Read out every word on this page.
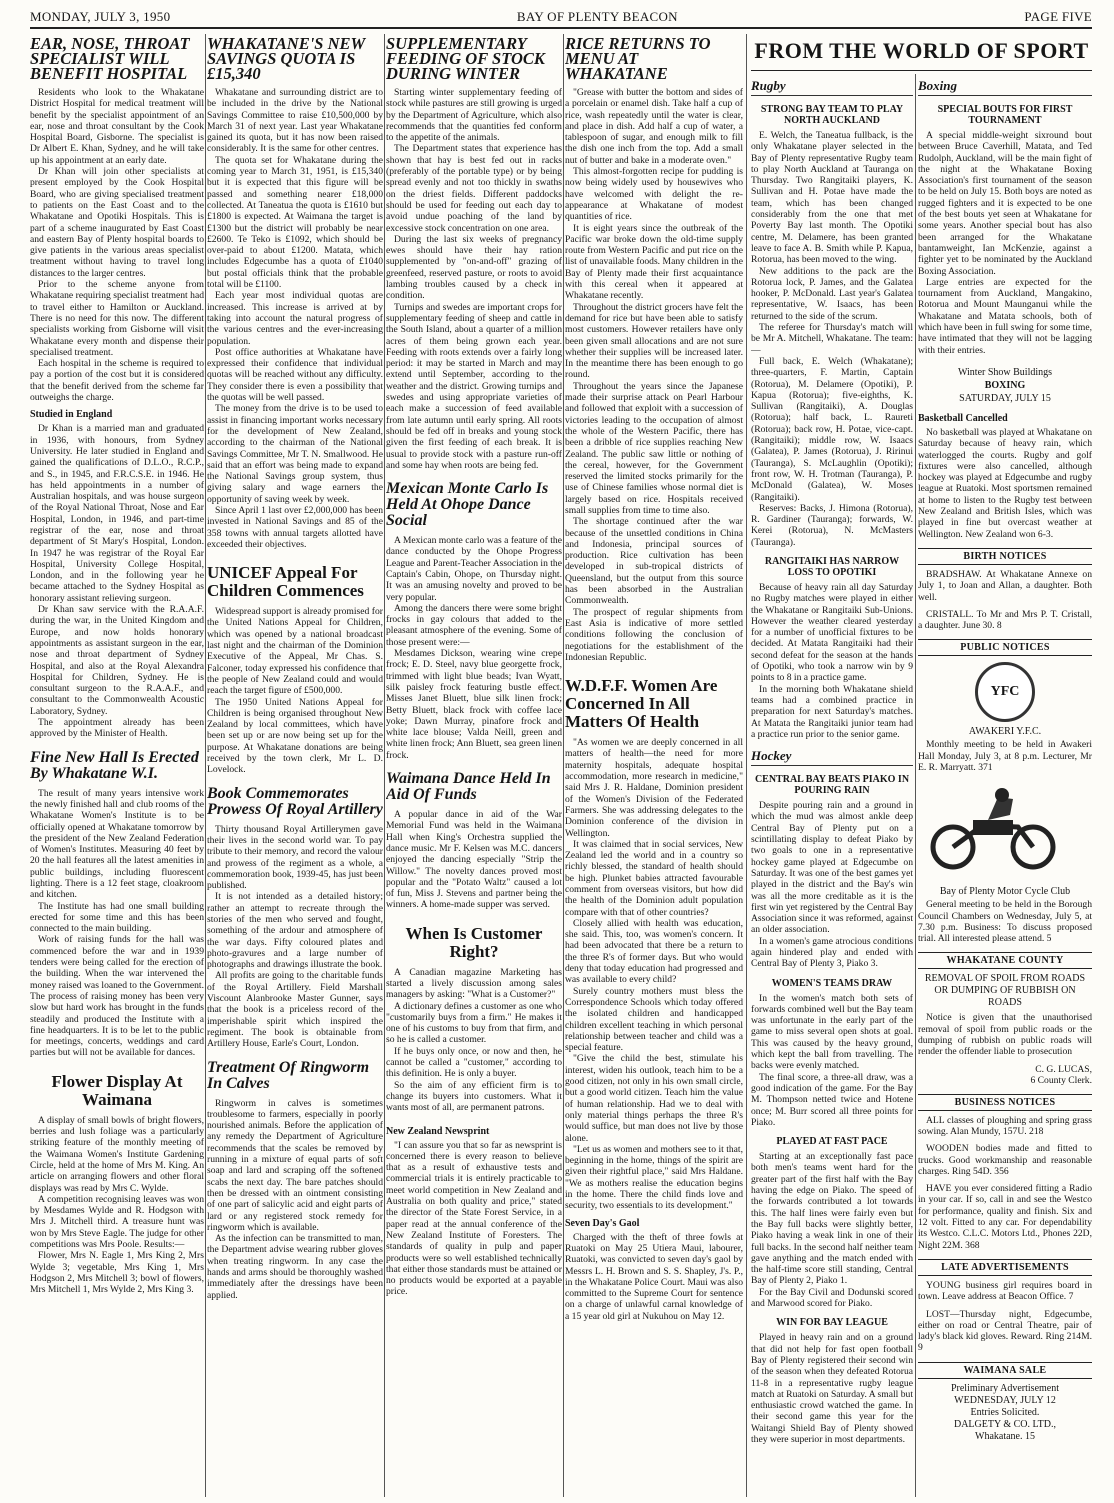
MONDAY, JULY 3, 1950	BAY OF PLENTY BEACON	PAGE FIVE
EAR, NOSE, THROAT SPECIALIST WILL BENEFIT HOSPITAL

Residents who look to the Whakatane District Hospital for medical treatment will benefit by the specialist appointment of an ear, nose and throat consultant by the Cook Hospital Board, Gisborne. The specialist is Dr Albert E. Khan, Sydney, and he will take up his appointment at an early date.

Dr Khan will join other specialists at present employed by the Cook Hospital Board, who are giving specialised treatment to patients on the East Coast and to the Whakatane and Opotiki Hospitals. This is part of a scheme inaugurated by East Coast and eastern Bay of Plenty hospital boards to give patients in the various areas specialist treatment without having to travel long distances to the larger centres.

Prior to the scheme anyone from Whakatane requiring specialist treatment had to travel either to Hamilton or Auckland. There is no need for this now. The different specialists working from Gisborne will visit Whakatane every month and dispense their specialised treatment.

Each hospital in the scheme is required to pay a portion of the cost but it is considered that the benefit derived from the scheme far outweighs the charge.

Studied in England

Dr Khan is a married man and graduated in 1936, with honours, from Sydney University. He later studied in England and gained the qualifications of D.L.O., R.C.P., and S., in 1945, and F.R.C.S.E. in 1946. He has held appointments in a number of Australian hospitals, and was house surgeon of the Royal National Throat, Nose and Ear Hospital, London, in 1946, and part-time registrar of the ear, nose and throat department of St Mary's Hospital, London. In 1947 he was registrar of the Royal Ear Hospital, University College Hospital, London, and in the following year he became attached to the Sydney Hospital as honorary assistant relieving surgeon.

Dr Khan saw service with the R.A.A.F. during the war, in the United Kingdom and Europe, and now holds honorary appointments as assistant surgeon in the ear, nose and throat department of Sydney Hospital, and also at the Royal Alexandra Hospital for Children, Sydney. He is consultant surgeon to the R.A.A.F., and consultant to the Commonwealth Acoustic Laboratory, Sydney.

The appointment already has been approved by the Minister of Health.

Fine New Hall Is Erected By Whakatane W.I.

The result of many years intensive work the newly finished hall and club rooms of the Whakatane Women's Institute is to be officially opened at Whakatane tomorrow by the president of the New Zealand Federation of Women's Institutes. Measuring 40 feet by 20 the hall features all the latest amenities in public buildings, including fluorescent lighting. There is a 12 feet stage, cloakroom and kitchen.

The Institute has had one small building erected for some time and this has been connected to the main building.

Work of raising funds for the hall was commenced before the war and in 1939 tenders were being called for the erection of the building. When the war intervened the money raised was loaned to the Government. The process of raising money has been very slow but hard work has brought in the funds steadily and produced the Institute with a fine headquarters. It is to be let to the public for meetings, concerts, weddings and card parties but will not be available for dances.

Flower Display At Waimana

A display of small bowls of bright flowers, berries and lush foliage was a particularly striking feature of the monthly meeting of the Waimana Women's Institute Gardening Circle, held at the home of Mrs M. King. An article on arranging flowers and other floral displays was read by Mrs C. Wylde.

A competition recognising leaves was won by Mesdames Wylde and R. Hodgson with Mrs J. Mitchell third. A treasure hunt was won by Mrs Steve Eagle. The judge for other competitions was Mrs Poole. Results:—

Flower, Mrs N. Eagle 1, Mrs King 2, Mrs Wylde 3; vegetable, Mrs King 1, Mrs Hodgson 2, Mrs Mitchell 3; bowl of flowers, Mrs Mitchell 1, Mrs Wylde 2, Mrs King 3.

WHAKATANE'S NEW SAVINGS QUOTA IS £15,340

Whakatane and surrounding district are to be included in the drive by the National Savings Committee to raise £10,500,000 by March 31 of next year. Last year Whakatane gained its quota, but it has now been raised considerably. It is the same for other centres.

The quota set for Whakatane during the coming year to March 31, 1951, is £15,340 but it is expected that this figure will be passed and something nearer £18,000 collected. At Taneatua the quota is £1610 but £1800 is expected. At Waimana the target is £1300 but the district will probably be near £2600. Te Teko is £1092, which should be over-paid to about £1200. Matata, which includes Edgecumbe has a quota of £1040 but postal officials think that the probable total will be £1100.

Each year most individual quotas are increased. This increase is arrived at by taking into account the natural progress of the various centres and the ever-increasing population.

Post office authorities at Whakatane have expressed their confidence that individual quotas will be reached without any difficulty. They consider there is even a possibility that the quotas will be well passed.

The money from the drive is to be used to assist in financing important works necessary for the development of New Zealand, according to the chairman of the National Savings Committee, Mr T. N. Smallwood. He said that an effort was being made to expand the National Savings group system, thus giving salary and wage earners the opportunity of saving week by week.

Since April 1 last over £2,000,000 has been invested in National Savings and 85 of the 358 towns with annual targets allotted have exceeded their objectives.

UNICEF Appeal For Children Commences

Widespread support is already promised for the United Nations Appeal for Children, which was opened by a national broadcast last night and the chairman of the Dominion Executive of the Appeal, Mr Chas. S. Falconer, today expressed his confidence that the people of New Zealand could and would reach the target figure of £500,000.

The 1950 United Nations Appeal for Children is being organised throughout New Zealand by local committees, which have been set up or are now being set up for the purpose. At Whakatane donations are being received by the town clerk, Mr L. D. Lovelock.

Book Commemorates Prowess Of Royal Artillery

Thirty thousand Royal Artillerymen gave their lives in the second world war. To pay tribute to their memory, and record the valour and prowess of the regiment as a whole, a commemoration book, 1939-45, has just been published.

It is not intended as a detailed history; rather an attempt to recreate through the stories of the men who served and fought, something of the ardour and atmosphere of the war days. Fifty coloured plates and photo-gravures and a large number of photographs and drawings illustrate the book.

All profits are going to the charitable funds of the Royal Artillery. Field Marshall Viscount Alanbrooke Master Gunner, says that the book is a priceless record of the imperishable spirit which inspired the regiment. The book is obtainable from Artillery House, Earle's Court, London.

Treatment Of Ringworm In Calves

Ringworm in calves is sometimes troublesome to farmers, especially in poorly nourished animals. Before the application of any remedy the Department of Agriculture recommends that the scales be removed by running in a mixture of equal parts of soft soap and lard and scraping off the softened scabs the next day. The bare patches should then be dressed with an ointment consisting of one part of salicylic acid and eight parts of lard or any registered stock remedy for ringworm which is available.

As the infection can be transmitted to man, the Department advise wearing rubber gloves when treating ringworm. In any case the hands and arms should be thoroughly washed immediately after the dressings have been applied.

SUPPLEMENTARY FEEDING OF STOCK DURING WINTER

Starting winter supplementary feeding of stock while pastures are still growing is urged by the Department of Agriculture, which also recommends that the quantities fed conform to the appetite of the animals.

The Department states that experience has shown that hay is best fed out in racks (preferably of the portable type) or by being spread evenly and not too thickly in swaths on the driest fields. Different paddocks should be used for feeding out each day to avoid undue poaching of the land by excessive stock concentration on one area.

During the last six weeks of pregnancy ewes should have their hay ration supplemented by "on-and-off" grazing of greenfeed, reserved pasture, or roots to avoid lambing troubles caused by a check in condition.

Turnips and swedes are important crops for supplementary feeding of sheep and cattle in the South Island, about a quarter of a million acres of them being grown each year. Feeding with roots extends over a fairly long period: it may be started in March and may extend until September, according to the weather and the district. Growing turnips and swedes and using appropriate varieties of each make a succession of feed available from late autumn until early spring. All roots should be fed off in breaks and young stock given the first feeding of each break. It is usual to provide stock with a pasture run-off and some hay when roots are being fed.

Mexican Monte Carlo Is Held At Ohope Dance Social

A Mexican monte carlo was a feature of the dance conducted by the Ohope Progress League and Parent-Teacher Association in the Captain's Cabin, Ohope, on Thursday night. It was an amusing novelty and proved to be very popular.

Among the dancers there were some bright frocks in gay colours that added to the pleasant atmosphere of the evening. Some of those present were:—

Mesdames Dickson, wearing wine crepe frock; E. D. Steel, navy blue georgette frock, trimmed with light blue beads; Ivan Wyatt, silk paisley frock featuring bustle effect. Misses Janet Bluett, blue silk linen frock; Betty Bluett, black frock with coffee lace yoke; Dawn Murray, pinafore frock and white lace blouse; Valda Neill, green and white linen frock; Ann Bluett, sea green linen frock.

Waimana Dance Held In Aid Of Funds

A popular dance in aid of the War Memorial Fund was held in the Waimana Hall when King's Orchestra supplied the dance music. Mr F. Kelsen was M.C. dancers enjoyed the dancing especially "Strip the Willow." The novelty dances proved most popular and the "Potato Waltz" caused a lot of fun, Miss J. Stevens and partner being the winners. A home-made supper was served.

When Is Customer Right?

A Canadian magazine Marketing has started a lively discussion among sales managers by asking: "What is a Customer?"

A dictionary defines a customer as one who "customarily buys from a firm." He makes it one of his customs to buy from that firm, and so he is called a customer.

If he buys only once, or now and then, he cannot be called a "customer," according to this definition. He is only a buyer.

So the aim of any efficient firm is to change its buyers into customers. What it wants most of all, are permanent patrons.

New Zealand Newsprint

"I can assure you that so far as newsprint is concerned there is every reason to believe that as a result of exhaustive tests and commercial trials it is entirely practicable to meet world competition in New Zealand and Australia on both quality and price," stated the director of the State Forest Service, in a paper read at the annual conference of the New Zealand Institute of Foresters. The standards of quality in pulp and paper products were so well established technically that either those standards must be attained or no products would be exported at a payable price.

RICE RETURNS TO MENU AT WHAKATANE

"Grease with butter the bottom and sides of a porcelain or enamel dish. Take half a cup of rice, wash repeatedly until the water is clear, and place in dish. Add half a cup of water, a tablespoon of sugar, and enough milk to fill the dish one inch from the top. Add a small nut of butter and bake in a moderate oven."

This almost-forgotten recipe for pudding is now being widely used by housewives who have welcomed with delight the re-appearance at Whakatane of modest quantities of rice.

It is eight years since the outbreak of the Pacific war broke down the old-time supply route from Western Pacific and put rice on the list of unavailable foods. Many children in the Bay of Plenty made their first acquaintance with this cereal when it appeared at Whakatane recently.

Throughout the district grocers have felt the demand for rice but have been able to satisfy most customers. However retailers have only been given small allocations and are not sure whether their supplies will be increased later. In the meantime there has been enough to go round.

Throughout the years since the Japanese made their surprise attack on Pearl Harbour and followed that exploit with a succession of victories leading to the occupation of almost the whole of the Western Pacific, there has been a dribble of rice supplies reaching New Zealand. The public saw little or nothing of the cereal, however, for the Government reserved the limited stocks primarily for the use of Chinese families whose normal diet is largely based on rice. Hospitals received small supplies from time to time also.

The shortage continued after the war because of the unsettled conditions in China and Indonesia, principal sources of production. Rice cultivation has been developed in sub-tropical districts of Queensland, but the output from this source has been absorbed in the Australian Commonwealth.

The prospect of regular shipments from East Asia is indicative of more settled conditions following the conclusion of negotiations for the establishment of the Indonesian Republic.

W.D.F.F. Women Are Concerned In All Matters Of Health

"As women we are deeply concerned in all matters of health—the need for more maternity hospitals, adequate hospital accommodation, more research in medicine," said Mrs J. R. Haldane, Dominion president of the Women's Division of the Federated Farmers. She was addressing delegates to the Dominion conference of the division in Wellington.

It was claimed that in social services, New Zealand led the world and in a country so richly blessed, the standard of health should be high. Plunket babies attracted favourable comment from overseas visitors, but how did the health of the Dominion adult population compare with that of other countries?

Closely allied with health was education, she said. This, too, was women's concern. It had been advocated that there be a return to the three R's of former days. But who would deny that today education had progressed and was available to every child?

Surely country mothers must bless the Correspondence Schools which today offered the isolated children and handicapped children excellent teaching in which personal relationship between teacher and child was a special feature.

"Give the child the best, stimulate his interest, widen his outlook, teach him to be a good citizen, not only in his own small circle, but a good world citizen. Teach him the value of human relationship. Had we to deal with only material things perhaps the three R's would suffice, but man does not live by those alone.

"Let us as women and mothers see to it that, beginning in the home, things of the spirit are given their rightful place," said Mrs Haldane. "We as mothers realise the education begins in the home. There the child finds love and security, two essentials to its development."

Seven Day's Gaol

Charged with the theft of three fowls at Ruatoki on May 25 Utiera Maui, labourer, Ruatoki, was convicted to seven day's gaol by Messrs L. H. Brown and S. S. Shapley, J's. P., in the Whakatane Police Court. Maui was also committed to the Supreme Court for sentence on a charge of unlawful carnal knowledge of a 15 year old girl at Nukuhou on May 12.

FROM THE WORLD OF SPORT
Rugby
STRONG BAY TEAM TO PLAY NORTH AUCKLAND

E. Welch, the Taneatua fullback, is the only Whakatane player selected in the Bay of Plenty representative Rugby team to play North Auckland at Tauranga on Thursday. Two Rangitaiki players, K. Sullivan and H. Potae have made the team, which has been changed considerably from the one that met Poverty Bay last month. The Opotiki centre, M. Delamere, has been granted leave to face A. B. Smith while P. Kapua, Rotorua, has been moved to the wing.

New additions to the pack are the Rotorua lock, P. James, and the Galatea hooker, P. McDonald. Last year's Galatea representative, W. Isaacs, has been returned to the side of the scrum.

The referee for Thursday's match will be Mr A. Mitchell, Whakatane. The team:—

Full back, E. Welch (Whakatane); three-quarters, F. Martin, Captain (Rotorua), M. Delamere (Opotiki), P. Kapua (Rotorua); five-eighths, K. Sullivan (Rangitaiki), A. Douglas (Rotorua); half back, L. Raureti (Rotorua); back row, H. Potae, vice-capt. (Rangitaiki); middle row, W. Isaacs (Galatea), P. James (Rotorua), J. Ririnui (Tauranga), S. McLaughlin (Opotiki); front row, W. H. Trotman (Tauranga), P. McDonald (Galatea), W. Moses (Rangitaiki).

Reserves: Backs, J. Himona (Rotorua), R. Gardiner (Tauranga); forwards, W. Kerei (Rotorua), N. McMasters (Tauranga).

RANGITAIKI HAS NARROW LOSS TO OPOTIKI

Because of heavy rain all day Saturday no Rugby matches were played in either the Whakatane or Rangitaiki Sub-Unions. However the weather cleared yesterday for a number of unofficial fixtures to be decided. At Matata Rangitaiki had their second defeat for the season at the hands of Opotiki, who took a narrow win by 9 points to 8 in a practice game.

In the morning both Whakatane shield teams had a combined practice in preparation for next Saturday's matches. At Matata the Rangitaiki junior team had a practice run prior to the senior game.

Hockey
CENTRAL BAY BEATS PIAKO IN POURING RAIN

Despite pouring rain and a ground in which the mud was almost ankle deep Central Bay of Plenty put on a scintillating display to defeat Piako by two goals to one in a representative hockey game played at Edgecumbe on Saturday. It was one of the best games yet played in the district and the Bay's win was all the more creditable as it is the first win yet registered by the Central Bay Association since it was reformed, against an older association.

In a women's game atrocious conditions again hindered play and ended with Central Bay of Plenty 3, Piako 3.

WOMEN'S TEAMS DRAW

In the women's match both sets of forwards combined well but the Bay team was unfortunate in the early part of the game to miss several open shots at goal. This was caused by the heavy ground, which kept the ball from travelling. The backs were evenly matched.

The final score, a three-all draw, was a good indication of the game. For the Bay M. Thompson netted twice and Hotene once; M. Burr scored all three points for Piako.

PLAYED AT FAST PACE

Starting at an exceptionally fast pace both men's teams went hard for the greater part of the first half with the Bay having the edge on Piako. The speed of the forwards contributed a lot towards this. The half lines were fairly even but the Bay full backs were slightly better, Piako having a weak link in one of their full backs. In the second half neither team gave anything and the match ended with the half-time score still standing, Central Bay of Plenty 2, Piako 1.

For the Bay Civil and Dodunski scored and Marwood scored for Piako.

WIN FOR BAY LEAGUE

Played in heavy rain and on a ground that did not help for fast open football Bay of Plenty registered their second win of the season when they defeated Rotorua 11-8 in a representative rugby league match at Ruatoki on Saturday. A small but enthusiastic crowd watched the game. In their second game this year for the Waitangi Shield Bay of Plenty showed they were superior in most departments.

Boxing
SPECIAL BOUTS FOR FIRST TOURNAMENT

A special middle-weight sixround bout between Bruce Caverhill, Matata, and Ted Rudolph, Auckland, will be the main fight of the night at the Whakatane Boxing Association's first tournament of the season to be held on July 15. Both boys are noted as rugged fighters and it is expected to be one of the best bouts yet seen at Whakatane for some years. Another special bout has also been arranged for the Whakatane bantamweight, Ian McKenzie, against a fighter yet to be nominated by the Auckland Boxing Association.

Large entries are expected for the tournament from Auckland, Mangakino, Rotorua and Mount Maunganui while the Whakatane and Matata schools, both of which have been in full swing for some time, have intimated that they will not be lagging with their entries.

Winter Show Buildings
BOXING
SATURDAY, JULY 15
Basketball Cancelled

No basketball was played at Whakatane on Saturday because of heavy rain, which waterlogged the courts. Rugby and golf fixtures were also cancelled, although hockey was played at Edgecumbe and rugby league at Ruatoki. Most sportsmen remained at home to listen to the Rugby test between New Zealand and British Isles, which was played in fine but overcast weather at Wellington. New Zealand won 6-3.

BIRTH NOTICES

BRADSHAW. At Whakatane Annexe on July 1, to Joan and Allan, a daughter. Both well.

CRISTALL. To Mr and Mrs P. T. Cristall, a daughter. June 30. 8

PUBLIC NOTICES
YFC
AWAKERI Y.F.C.

Monthly meeting to be held in Awakeri Hall Monday, July 3, at 8 p.m. Lecturer, Mr E. R. Marryatt. 371

Bay of Plenty Motor Cycle Club

General meeting to be held in the Borough Council Chambers on Wednesday, July 5, at 7.30 p.m. Business: To discuss proposed trial. All interested please attend. 5

WHAKATANE COUNTY
REMOVAL OF SPOIL FROM ROADS OR DUMPING OF RUBBISH ON ROADS

Notice is given that the unauthorised removal of spoil from public roads or the dumping of rubbish on public roads will render the offender liable to prosecution

C. G. LUCAS,
6 County Clerk.
BUSINESS NOTICES

ALL classes of ploughing and spring grass sowing. Alan Mundy, 157U. 218

WOODEN bodies made and fitted to trucks. Good workmanship and reasonable charges. Ring 54D. 356

HAVE you ever considered fitting a Radio in your car. If so, call in and see the Westco for performance, quality and finish. Six and 12 volt. Fitted to any car. For dependability its Westco. C.L.C. Motors Ltd., Phones 22D, Night 22M. 368

LATE ADVERTISEMENTS

YOUNG business girl requires board in town. Leave address at Beacon Office. 7

LOST—Thursday night, Edgecumbe, either on road or Central Theatre, pair of lady's black kid gloves. Reward. Ring 214M. 9

WAIMANA SALE
Preliminary Advertisement
WEDNESDAY, JULY 12
Entries Solicited.
DALGETY & CO. LTD.,
Whakatane. 15
